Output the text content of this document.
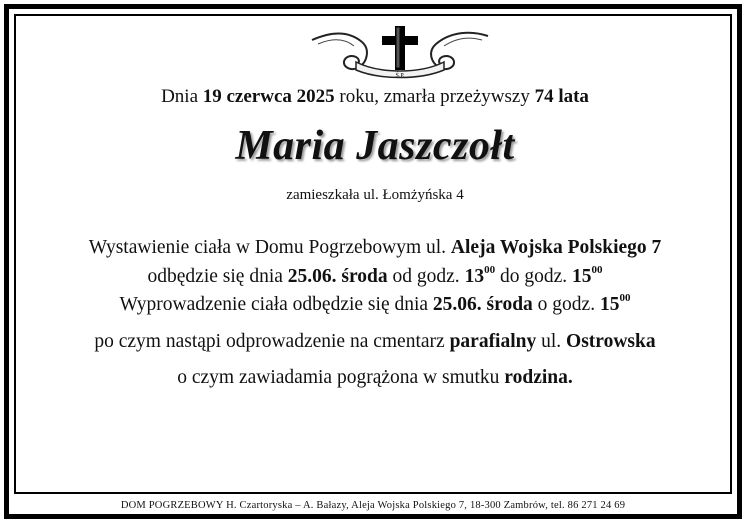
Ś.P.
Dnia 19 czerwca 2025 roku, zmarła przeżywszy 74 lata
Maria Jaszczołt
zamieszkała ul. Łomżyńska 4
Wystawienie ciała w Domu Pogrzebowym ul. Aleja Wojska Polskiego 7
odbędzie się dnia 25.06. środa od godz. $13^{00}$ do godz. $15^{00}$
Wyprowadzenie ciała odbędzie się dnia 25.06. środa o godz. $15^{00}$
po czym nastąpi odprowadzenie na cmentarz parafialny ul. Ostrowska
o czym zawiadamia pogrążona w smutku rodzina.
DOM POGRZEBOWY H. Czartoryska – A. Bałazy, Aleja Wojska Polskiego 7, 18-300 Zambrów, tel. 86 271 24 69
